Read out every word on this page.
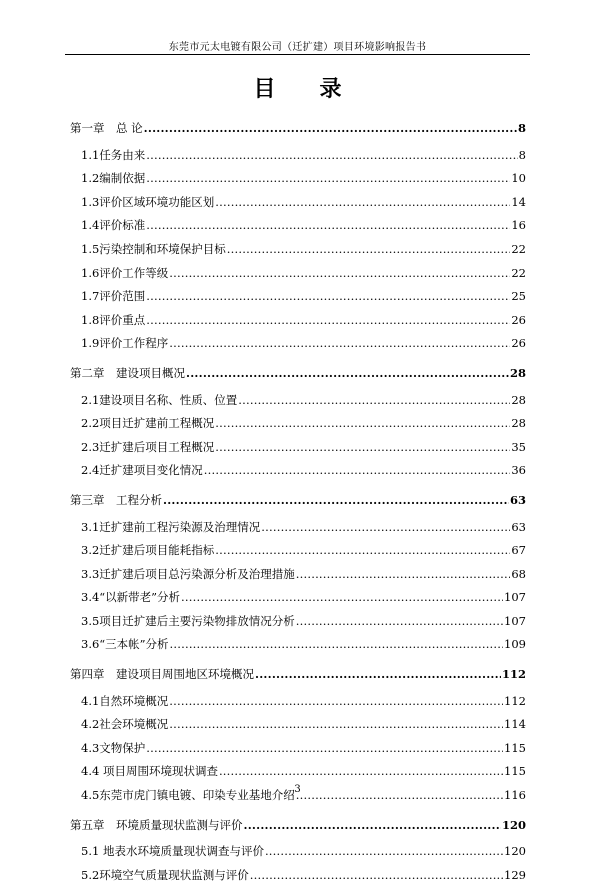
东莞市元太电镀有限公司（迁扩建）项目环境影响报告书
目 录
第一章　总 论 .....	8
1.1任务由来 .....	8
1.2编制依据 .....	10
1.3评价区域环境功能区划 .....	14
1.4评价标准 .....	16
1.5污染控制和环境保护目标 .....	22
1.6评价工作等级 .....	22
1.7评价范围 .....	25
1.8评价重点 .....	26
1.9评价工作程序 .....	26
第二章　建设项目概况 .....	28
2.1建设项目名称、性质、位置 .....	28
2.2项目迁扩建前工程概况 .....	28
2.3迁扩建后项目工程概况 .....	35
2.4迁扩建项目变化情况 .....	36
第三章　工程分析 .....	63
3.1迁扩建前工程污染源及治理情况 .....	63
3.2迁扩建后项目能耗指标 .....	67
3.3迁扩建后项目总污染源分析及治理措施 .....	68
3.4“以新带老”分析 .....	107
3.5项目迁扩建后主要污染物排放情况分析 .....	107
3.6“三本帐”分析 .....	109
第四章　建设项目周围地区环境概况 .....	112
4.1自然环境概况 .....	112
4.2社会环境概况 .....	114
4.3文物保护 .....	115
4.4 项目周围环境现状调查 .....	115
4.5东莞市虎门镇电镀、印染专业基地介绍 .....	116
第五章　环境质量现状监测与评价 .....	120
5.1 地表水环境质量现状调查与评价 .....	120
5.2环境空气质量现状监测与评价 .....	129
3
